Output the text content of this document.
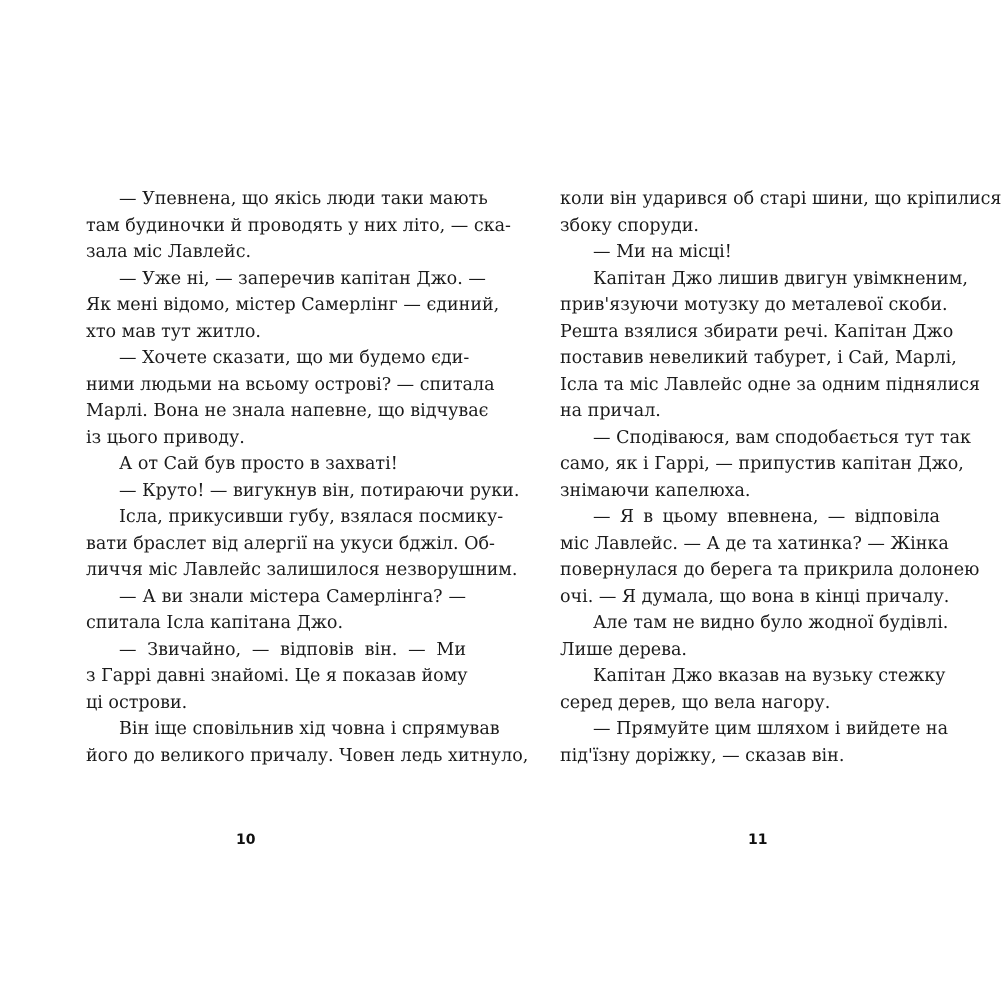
— Упевнена, що якісь люди таки мають
там будиночки й проводять у них літо, — ска-
зала міс Лавлейс.
— Уже ні, — заперечив капітан Джо. —
Як мені відомо, містер Самерлінг — єдиний,
хто мав тут житло.
— Хочете сказати, що ми будемо єди-
ними людьми на всьому острові? — спитала
Марлі. Вона не знала напевне, що відчуває
із цього приводу.
А от Сай був просто в захваті!
— Круто! — вигукнув він, потираючи руки.
Ісла, прикусивши губу, взялася посмику-
вати браслет від алергії на укуси бджіл. Об-
личчя міс Лавлейс залишилося незворушним.
— А ви знали містера Самерлінга? —
спитала Ісла капітана Джо.
— Звичайно, — відповів він. — Ми
з Гаррі давні знайомі. Це я показав йому
ці острови.
Він іще сповільнив хід човна і спрямував
його до великого причалу. Човен ледь хитнуло,
10
коли він ударився об старі шини, що кріпилися
збоку споруди.
— Ми на місці!
Капітан Джо лишив двигун увімкненим,
прив'язуючи мотузку до металевої скоби.
Решта взялися збирати речі. Капітан Джо
поставив невеликий табурет, і Сай, Марлі,
Ісла та міс Лавлейс одне за одним піднялися
на причал.
— Сподіваюся, вам сподобається тут так
само, як і Гаррі, — припустив капітан Джо,
знімаючи капелюха.
— Я в цьому впевнена, — відповіла
міс Лавлейс. — А де та хатинка? — Жінка
повернулася до берега та прикрила долонею
очі. — Я думала, що вона в кінці причалу.
Але там не видно було жодної будівлі.
Лише дерева.
Капітан Джо вказав на вузьку стежку
серед дерев, що вела нагору.
— Прямуйте цим шляхом і вийдете на
під'їзну доріжку, — сказав він.
11
